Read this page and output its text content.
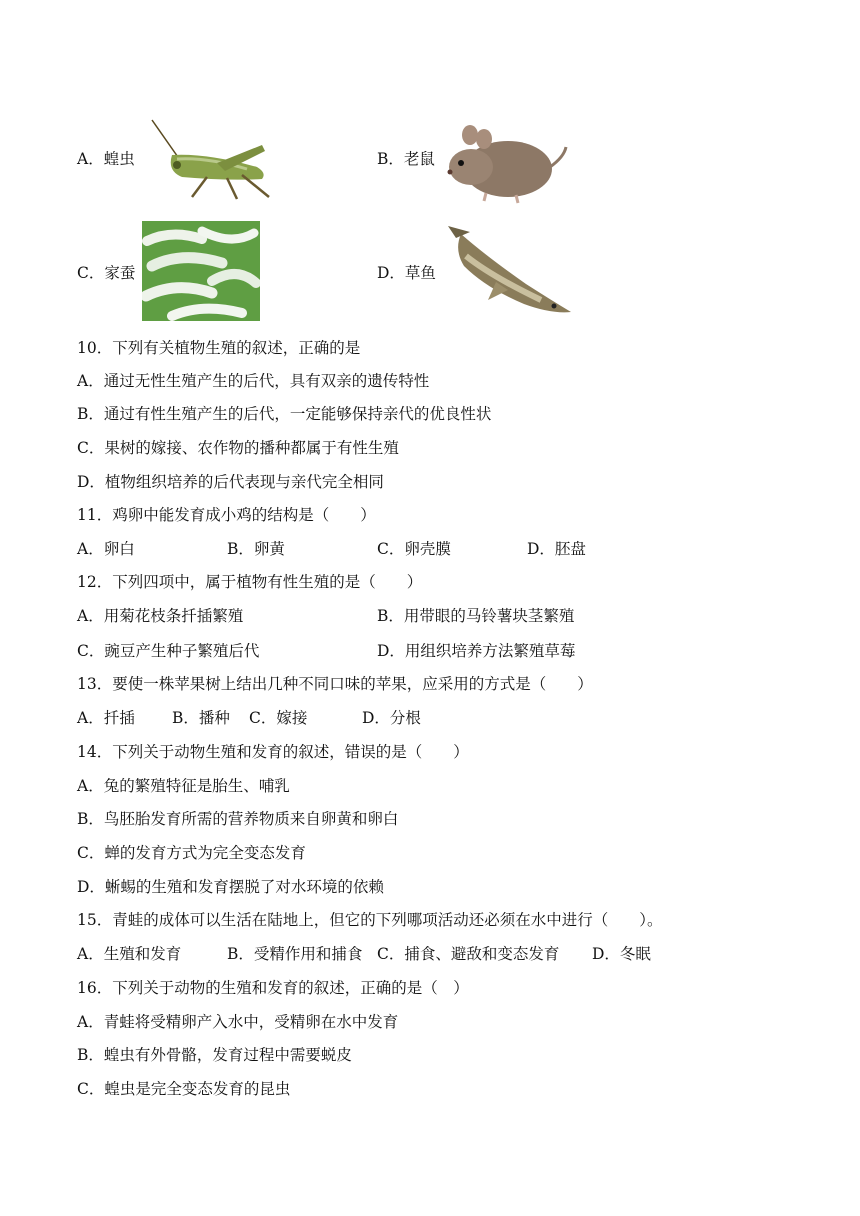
A．蝗虫	B．老鼠
C．家蚕	D．草鱼
10．下列有关植物生殖的叙述，正确的是
A．通过无性生殖产生的后代，具有双亲的遗传特性
B．通过有性生殖产生的后代，一定能够保持亲代的优良性状
C．果树的嫁接、农作物的播种都属于有性生殖
D．植物组织培养的后代表现与亲代完全相同
11．鸡卵中能发育成小鸡的结构是（　　）
A．卵白	B．卵黄	C．卵壳膜	D．胚盘
12．下列四项中，属于植物有性生殖的是（　　）
A．用菊花枝条扦插繁殖	B．用带眼的马铃薯块茎繁殖
C．豌豆产生种子繁殖后代	D．用组织培养方法繁殖草莓
13．要使一株苹果树上结出几种不同口味的苹果，应采用的方式是（　　）
A．扦插 B．播种 C．嫁接	D．分根
14．下列关于动物生殖和发育的叙述，错误的是（　　）
A．兔的繁殖特征是胎生、哺乳
B．鸟胚胎发育所需的营养物质来自卵黄和卵白
C．蝉的发育方式为完全变态发育
D．蜥蜴的生殖和发育摆脱了对水环境的依赖
15．青蛙的成体可以生活在陆地上，但它的下列哪项活动还必须在水中进行（　　）。
A．生殖和发育	B．受精作用和捕食 C．捕食、避敌和变态发育 D．冬眠
16．下列关于动物的生殖和发育的叙述，正确的是（　）
A．青蛙将受精卵产入水中，受精卵在水中发育
B．蝗虫有外骨骼，发育过程中需要蜕皮
C．蝗虫是完全变态发育的昆虫
